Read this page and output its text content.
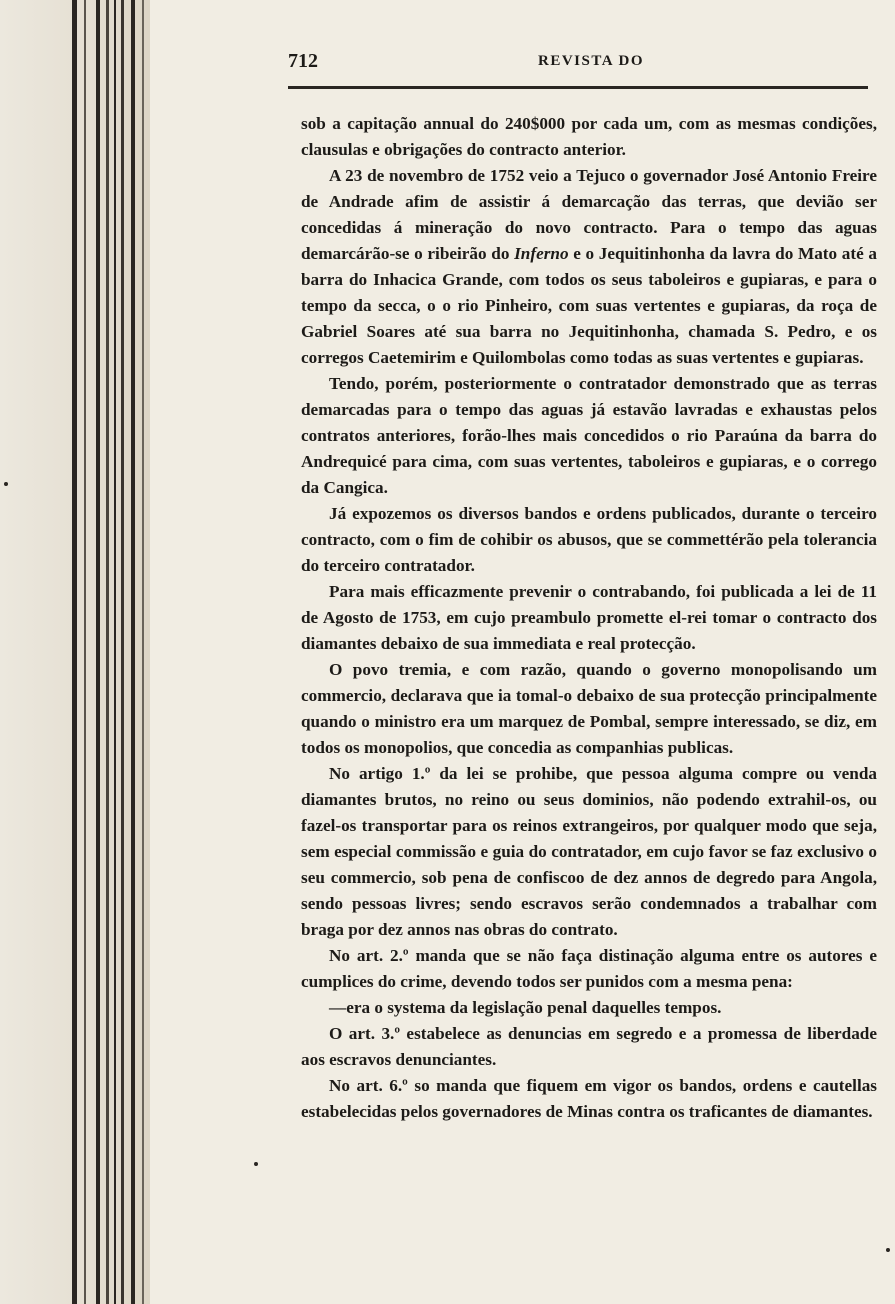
712	REVISTA DO

sob a capitação annual do 240$000 por cada um, com as mesmas condições, clausulas e obrigações do contracto anterior.

A 23 de novembro de 1752 veio a Tejuco o governador José Antonio Freire de Andrade afim de assistir á demarcação das terras, que devião ser concedidas á mineração do novo contracto. Para o tempo das aguas demarcárão-se o ribeirão do Inferno e o Jequitinhonha da lavra do Mato até a barra do Inhacica Grande, com todos os seus taboleiros e gupiaras, e para o tempo da secca, o o rio Pinheiro, com suas vertentes e gupiaras, da roça de Gabriel Soares até sua barra no Jequitinhonha, chamada S. Pedro, e os corregos Caetemirim e Quilombolas como todas as suas vertentes e gupiaras.

Tendo, porém, posteriormente o contratador demonstrado que as terras demarcadas para o tempo das aguas já estavão lavradas e exhaustas pelos contratos anteriores, forão-lhes mais concedidos o rio Paraúna da barra do Andrequicé para cima, com suas vertentes, taboleiros e gupiaras, e o corrego da Cangica.

Já expozemos os diversos bandos e ordens publicados, durante o terceiro contracto, com o fim de cohibir os abusos, que se commettérão pela tolerancia do terceiro contratador.

Para mais efficazmente prevenir o contrabando, foi publicada a lei de 11 de Agosto de 1753, em cujo preambulo promette el-rei tomar o contracto dos diamantes debaixo de sua immediata e real protecção.

O povo tremia, e com razão, quando o governo monopolisando um commercio, declarava que ia tomal-o debaixo de sua protecção principalmente quando o ministro era um marquez de Pombal, sempre interessado, se diz, em todos os monopolios, que concedia as companhias publicas.

No artigo 1.º da lei se prohibe, que pessoa alguma compre ou venda diamantes brutos, no reino ou seus dominios, não podendo extrahil-os, ou fazel-os transportar para os reinos extrangeiros, por qualquer modo que seja, sem especial commissão e guia do contratador, em cujo favor se faz exclusivo o seu commercio, sob pena de confiscoo de dez annos de degredo para Angola, sendo pessoas livres; sendo escravos serão condemnados a trabalhar com braga por dez annos nas obras do contrato.

No art. 2.º manda que se não faça distinação alguma entre os autores e cumplices do crime, devendo todos ser punidos com a mesma pena:

—era o systema da legislação penal daquelles tempos.

O art. 3.º estabelece as denuncias em segredo e a promessa de liberdade aos escravos denunciantes.

No art. 6.º so manda que fiquem em vigor os bandos, ordens e cautellas estabelecidas pelos governadores de Minas contra os traficantes de diamantes.
